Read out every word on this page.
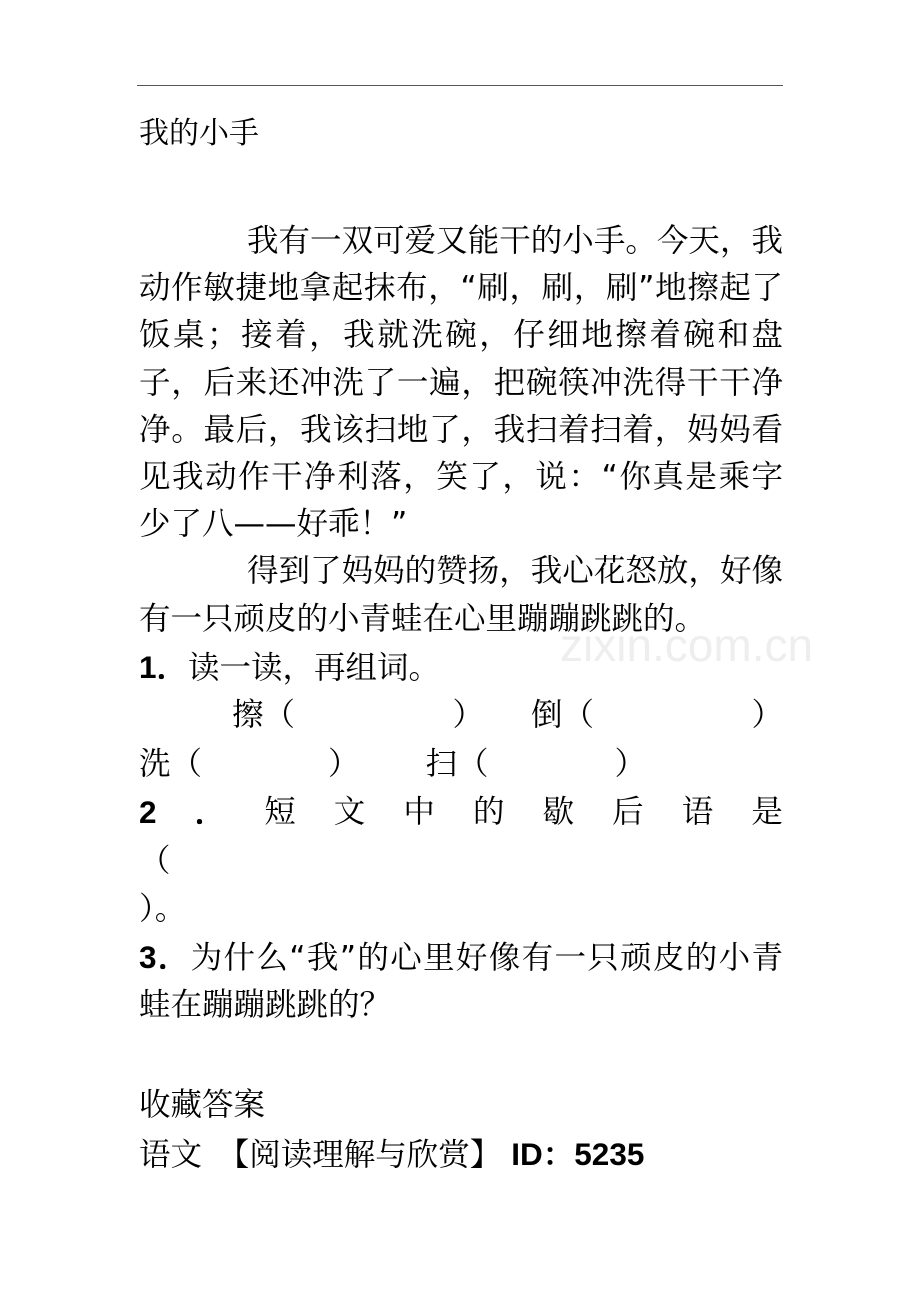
zixin.com.cn
我的小手

我有一双可爱又能干的小手。今天，我动作敏捷地拿起抹布，“刷，刷，刷”地擦起了饭桌；接着，我就洗碗，仔细地擦着碗和盘子，后来还冲洗了一遍，把碗筷冲洗得干干净净。最后，我该扫地了，我扫着扫着，妈妈看见我动作干净利落，笑了，说：“你真是乘字少了八——好乖！”

得到了妈妈的赞扬，我心花怒放，好像有一只顽皮的小青蛙在心里蹦蹦跳跳的。

1．读一读，再组词。
擦（　　　　　） 倒（　　　　　）
洗（　　　　） 扫（　　　　）
2 ． 短 文 中 的 歇 后 语 是
（
）。

3．为什么“我”的心里好像有一只顽皮的小青蛙在蹦蹦跳跳的？

收藏答案
语文　【阅读理解与欣赏】 ID：5235
